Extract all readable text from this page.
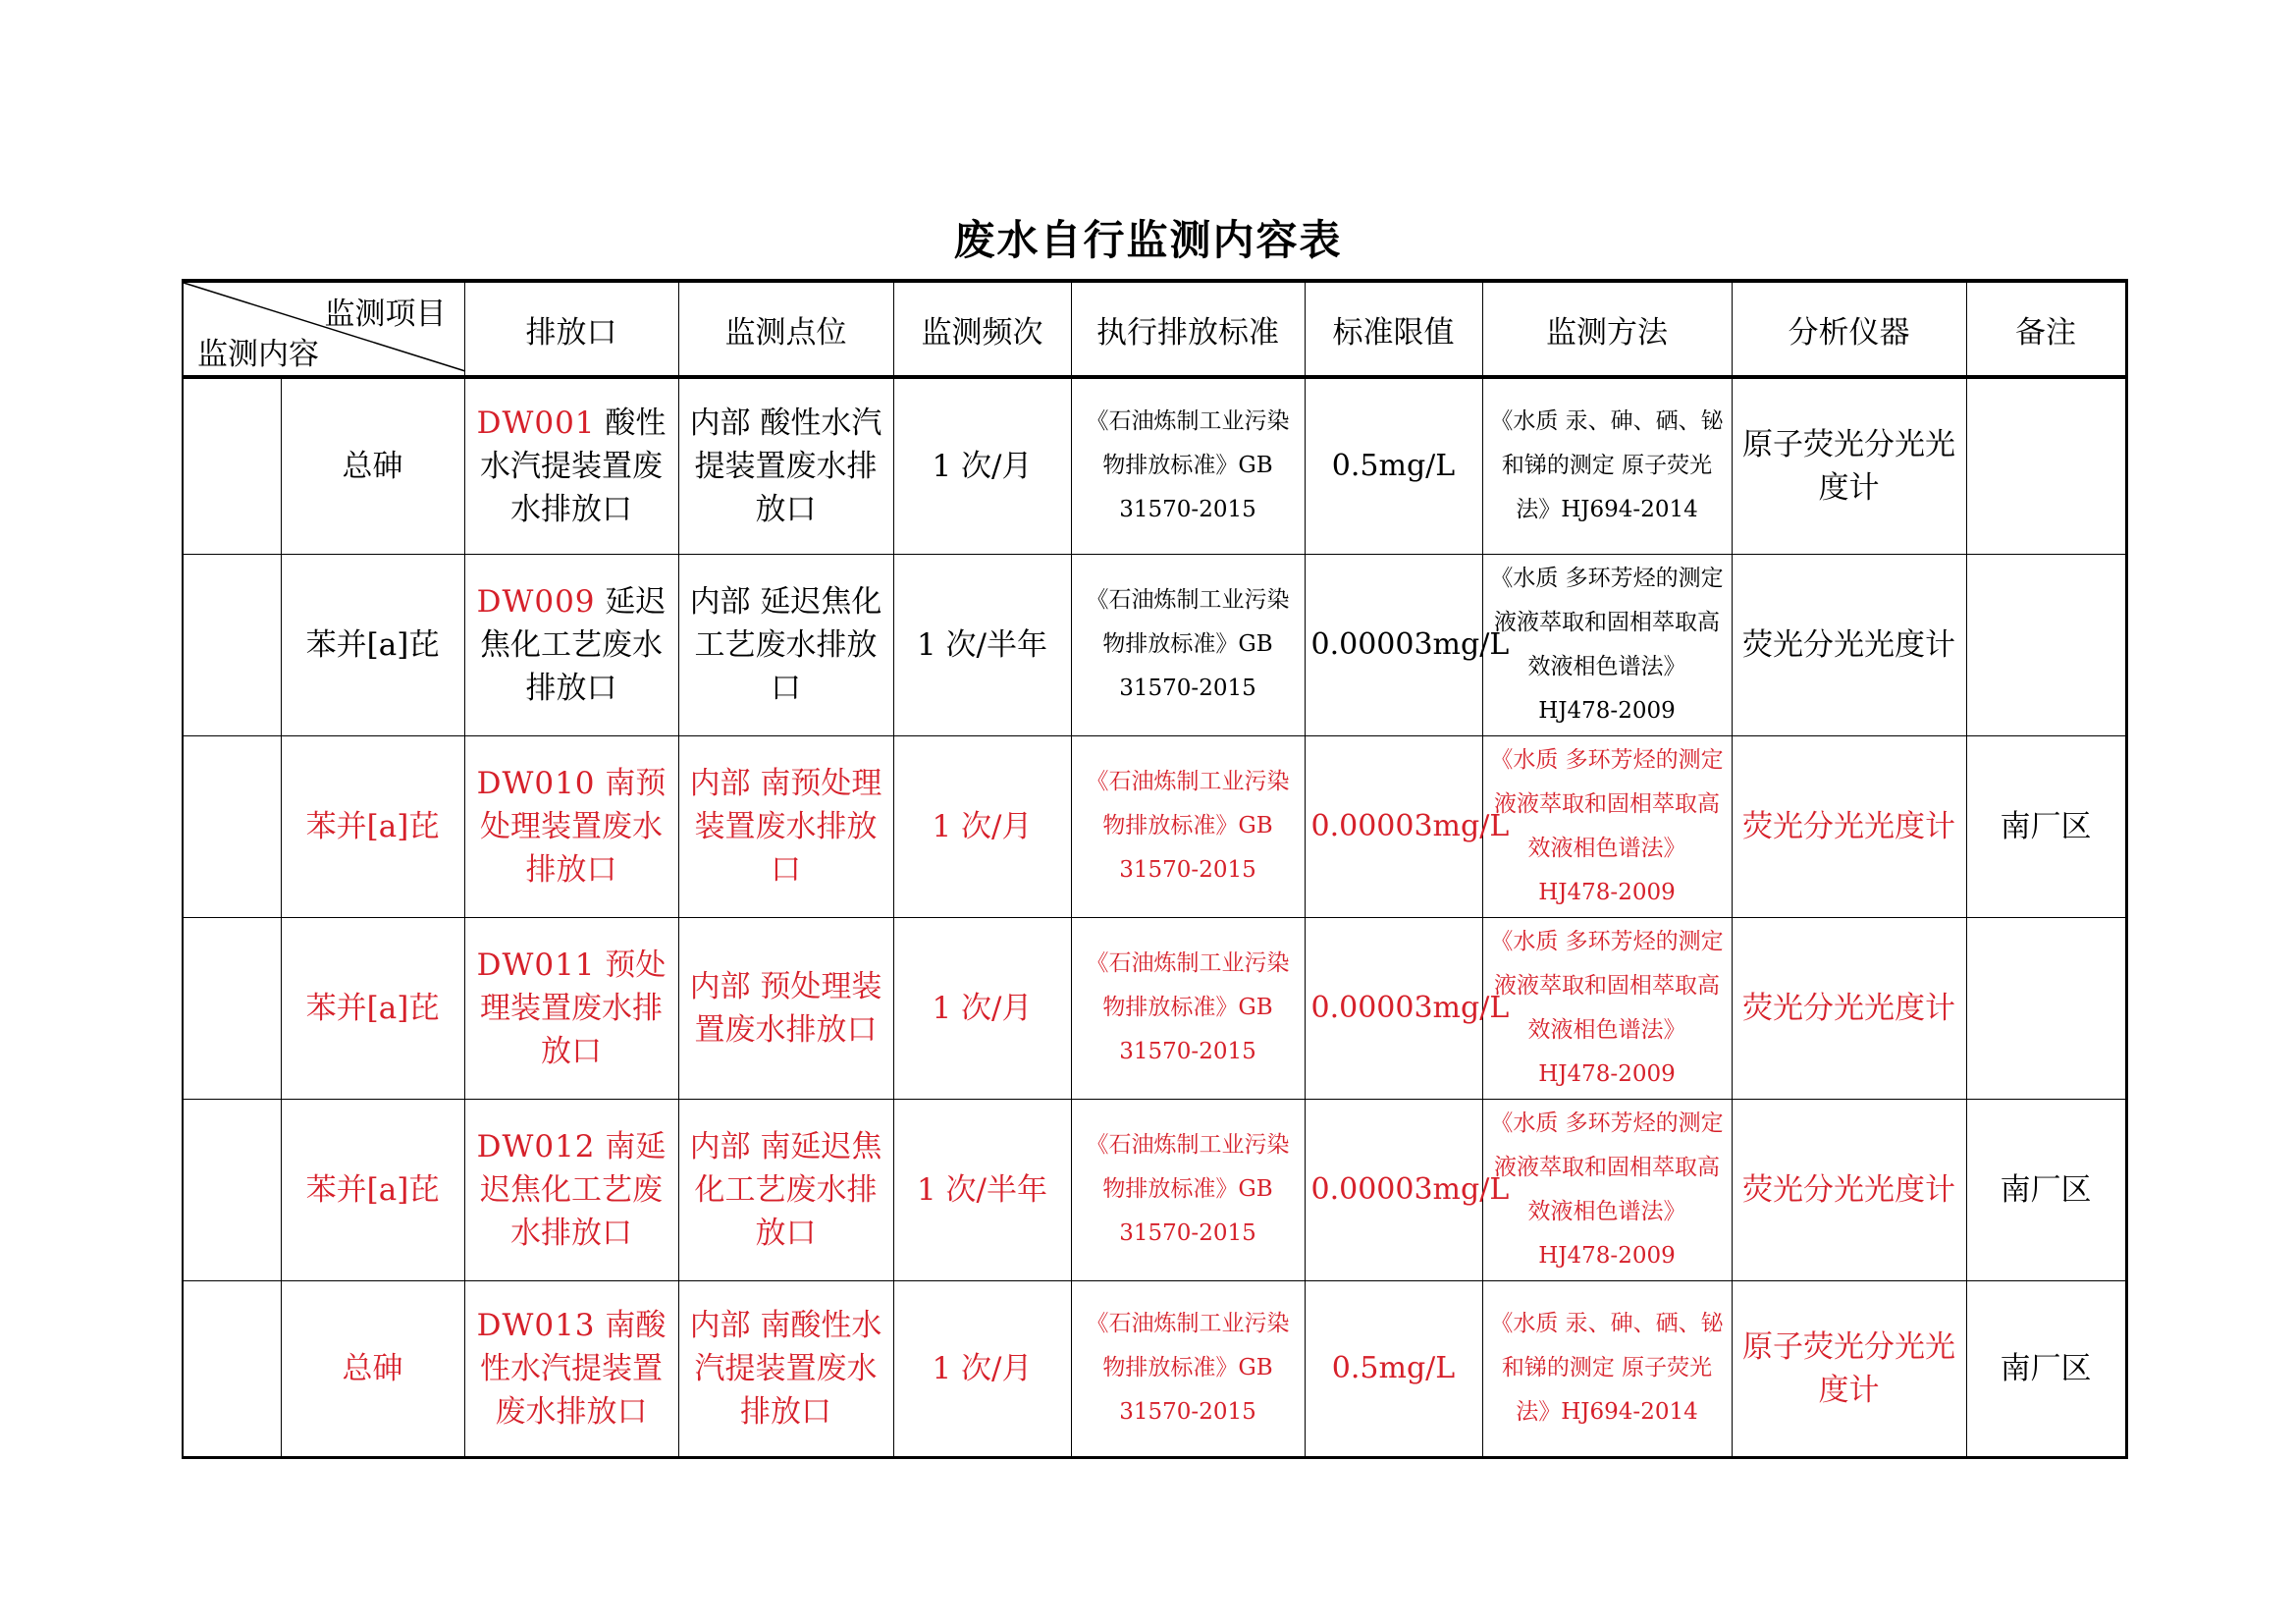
废水自行监测内容表
监测项目
监测内容		排放口	监测点位	监测频次	执行排放标准	标准限值	监测方法	分析仪器	备注
	总砷	DW001 酸性水汽提装置废水排放口	内部 酸性水汽提装置废水排放口	1 次/月	《石油炼制工业污染物排放标准》GB 31570-2015	0.5mg/L	《水质 汞、砷、硒、铋和锑的测定 原子荧光法》HJ694-2014	原子荧光分光光度计	
	苯并[a]芘	DW009 延迟焦化工艺废水排放口	内部 延迟焦化工艺废水排放口	1 次/半年	《石油炼制工业污染物排放标准》GB 31570-2015	0.00003mg/L	《水质 多环芳烃的测定 液液萃取和固相萃取高效液相色谱法》HJ478-2009	荧光分光光度计	
	苯并[a]芘	DW010 南预处理装置废水排放口	内部 南预处理装置废水排放口	1 次/月	《石油炼制工业污染物排放标准》GB 31570-2015	0.00003mg/L	《水质 多环芳烃的测定 液液萃取和固相萃取高效液相色谱法》HJ478-2009	荧光分光光度计	南厂区
	苯并[a]芘	DW011 预处理装置废水排放口	内部 预处理装置废水排放口	1 次/月	《石油炼制工业污染物排放标准》GB 31570-2015	0.00003mg/L	《水质 多环芳烃的测定 液液萃取和固相萃取高效液相色谱法》HJ478-2009	荧光分光光度计	
	苯并[a]芘	DW012 南延迟焦化工艺废水排放口	内部 南延迟焦化工艺废水排放口	1 次/半年	《石油炼制工业污染物排放标准》GB 31570-2015	0.00003mg/L	《水质 多环芳烃的测定 液液萃取和固相萃取高效液相色谱法》HJ478-2009	荧光分光光度计	南厂区
	总砷	DW013 南酸性水汽提装置废水排放口	内部 南酸性水汽提装置废水排放口	1 次/月	《石油炼制工业污染物排放标准》GB 31570-2015	0.5mg/L	《水质 汞、砷、硒、铋和锑的测定 原子荧光法》HJ694-2014	原子荧光分光光度计	南厂区
